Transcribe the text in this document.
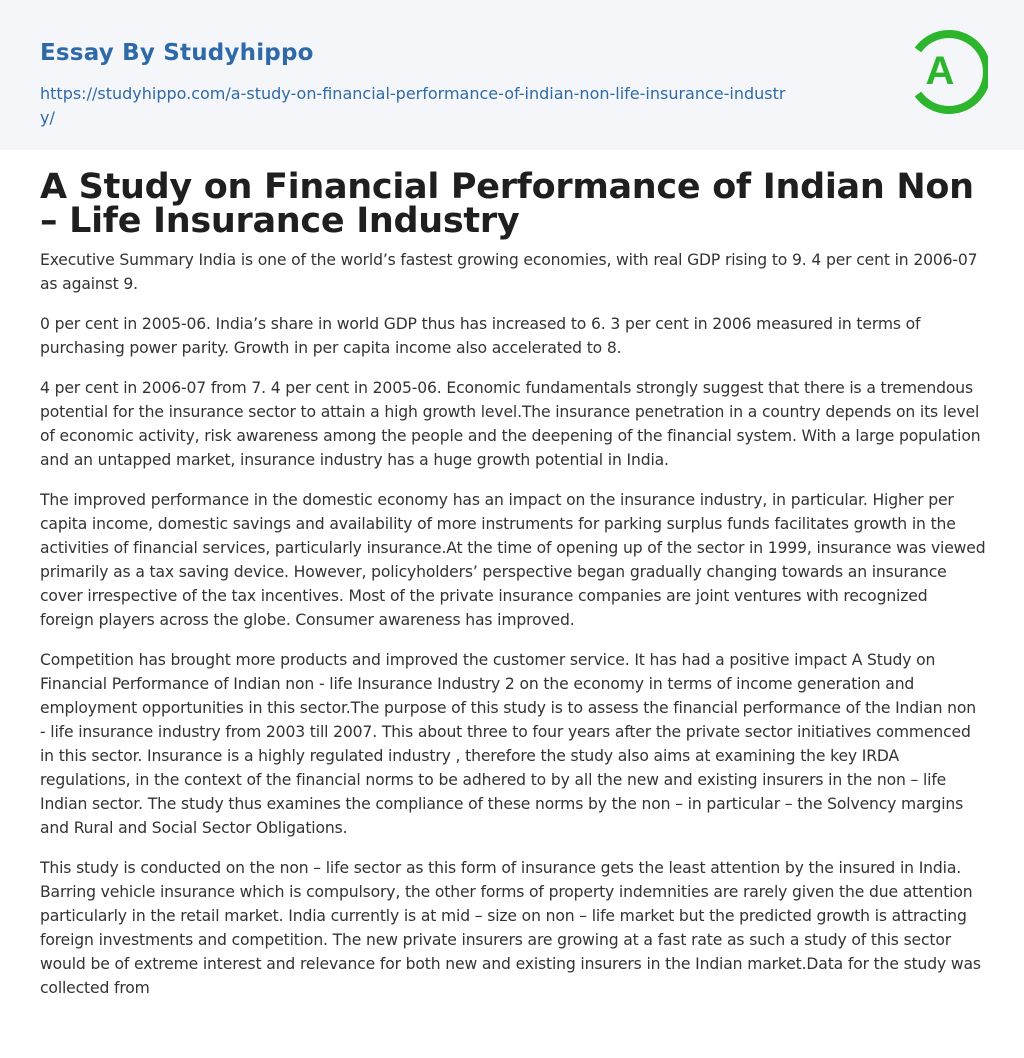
Essay By Studyhippo
https://studyhippo.com/a-study-on-financial-performance-of-indian-non-life-insurance-industry/
A
A Study on Financial Performance of Indian Non – Life Insurance Industry

Executive Summary India is one of the world’s fastest growing economies, with real GDP rising to 9. 4 per cent in 2006-07 as against 9.

0 per cent in 2005-06. India’s share in world GDP thus has increased to 6. 3 per cent in 2006 measured in terms of purchasing power parity. Growth in per capita income also accelerated to 8.

4 per cent in 2006-07 from 7. 4 per cent in 2005-06. Economic fundamentals strongly suggest that there is a tremendous potential for the insurance sector to attain a high growth level.The insurance penetration in a country depends on its level of economic activity, risk awareness among the people and the deepening of the financial system. With a large population and an untapped market, insurance industry has a huge growth potential in India.

The improved performance in the domestic economy has an impact on the insurance industry, in particular. Higher per capita income, domestic savings and availability of more instruments for parking surplus funds facilitates growth in the activities of financial services, particularly insurance.At the time of opening up of the sector in 1999, insurance was viewed primarily as a tax saving device. However, policyholders’ perspective began gradually changing towards an insurance cover irrespective of the tax incentives. Most of the private insurance companies are joint ventures with recognized foreign players across the globe. Consumer awareness has improved.

Competition has brought more products and improved the customer service. It has had a positive impact A Study on Financial Performance of Indian non - life Insurance Industry 2 on the economy in terms of income generation and employment opportunities in this sector.The purpose of this study is to assess the financial performance of the Indian non - life insurance industry from 2003 till 2007. This about three to four years after the private sector initiatives commenced in this sector. Insurance is a highly regulated industry , therefore the study also aims at examining the key IRDA regulations, in the context of the financial norms to be adhered to by all the new and existing insurers in the non – life Indian sector. The study thus examines the compliance of these norms by the non – in particular – the Solvency margins and Rural and Social Sector Obligations.

This study is conducted on the non – life sector as this form of insurance gets the least attention by the insured in India. Barring vehicle insurance which is compulsory, the other forms of property indemnities are rarely given the due attention particularly in the retail market. India currently is at mid – size on non – life market but the predicted growth is attracting foreign investments and competition. The new private insurers are growing at a fast rate as such a study of this sector would be of extreme interest and relevance for both new and existing insurers in the Indian market.Data for the study was collected from
